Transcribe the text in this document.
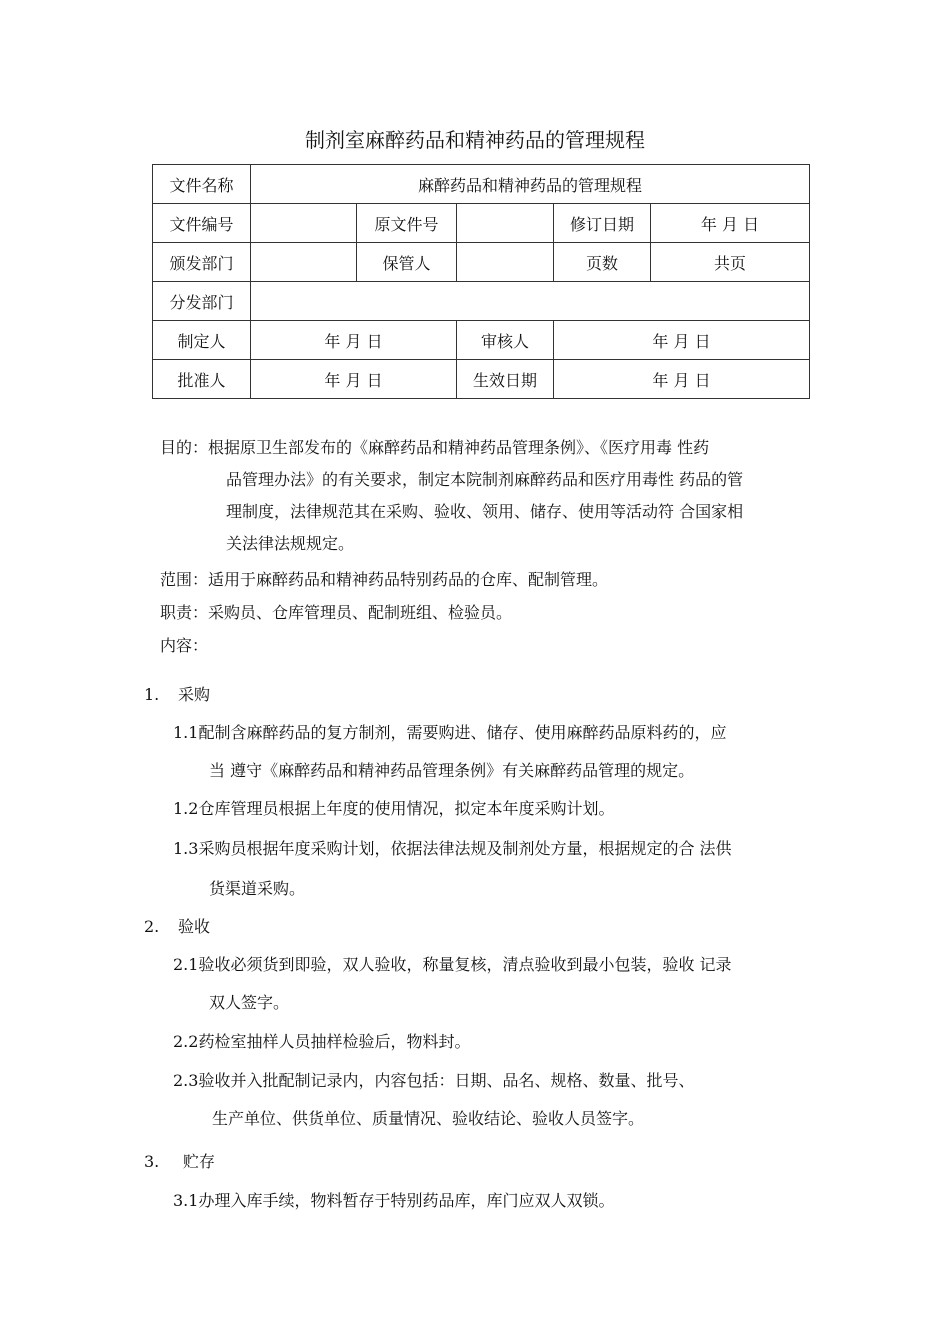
制剂室麻醉药品和精神药品的管理规程
文件名称	麻醉药品和精神药品的管理规程				
文件编号		原文件号		修订日期	年 月 日
颁发部门		保管人		页数	共页
分发部门					
制定人	年 月 日		审核人	年 月 日	
批准人	年 月 日		生效日期	年 月 日	
目的：根据原卫生部发布的《麻醉药品和精神药品管理条例》、《医疗用毒 性药
品管理办法》的有关要求，制定本院制剂麻醉药品和医疗用毒性 药品的管
理制度，法律规范其在采购、验收、领用、储存、使用等活动符 合国家相
关法律法规规定。
范围：适用于麻醉药品和精神药品特别药品的仓库、配制管理。
职责：采购员、仓库管理员、配制班组、检验员。
内容：
1. 采购
1.1配制含麻醉药品的复方制剂，需要购进、储存、使用麻醉药品原料药的，应
当 遵守《麻醉药品和精神药品管理条例》有关麻醉药品管理的规定。
1.2仓库管理员根据上年度的使用情况，拟定本年度采购计划。
1.3采购员根据年度采购计划，依据法律法规及制剂处方量，根据规定的合 法供
货渠道采购。
2. 验收
2.1验收必须货到即验，双人验收，称量复核，清点验收到最小包装，验收 记录
双人签字。
2.2药检室抽样人员抽样检验后，物料封。
2.3验收并入批配制记录内，内容包括：日期、品名、规格、数量、批号、
生产单位、供货单位、质量情况、验收结论、验收人员签字。
3. 贮存
3.1办理入库手续，物料暂存于特别药品库，库门应双人双锁。
